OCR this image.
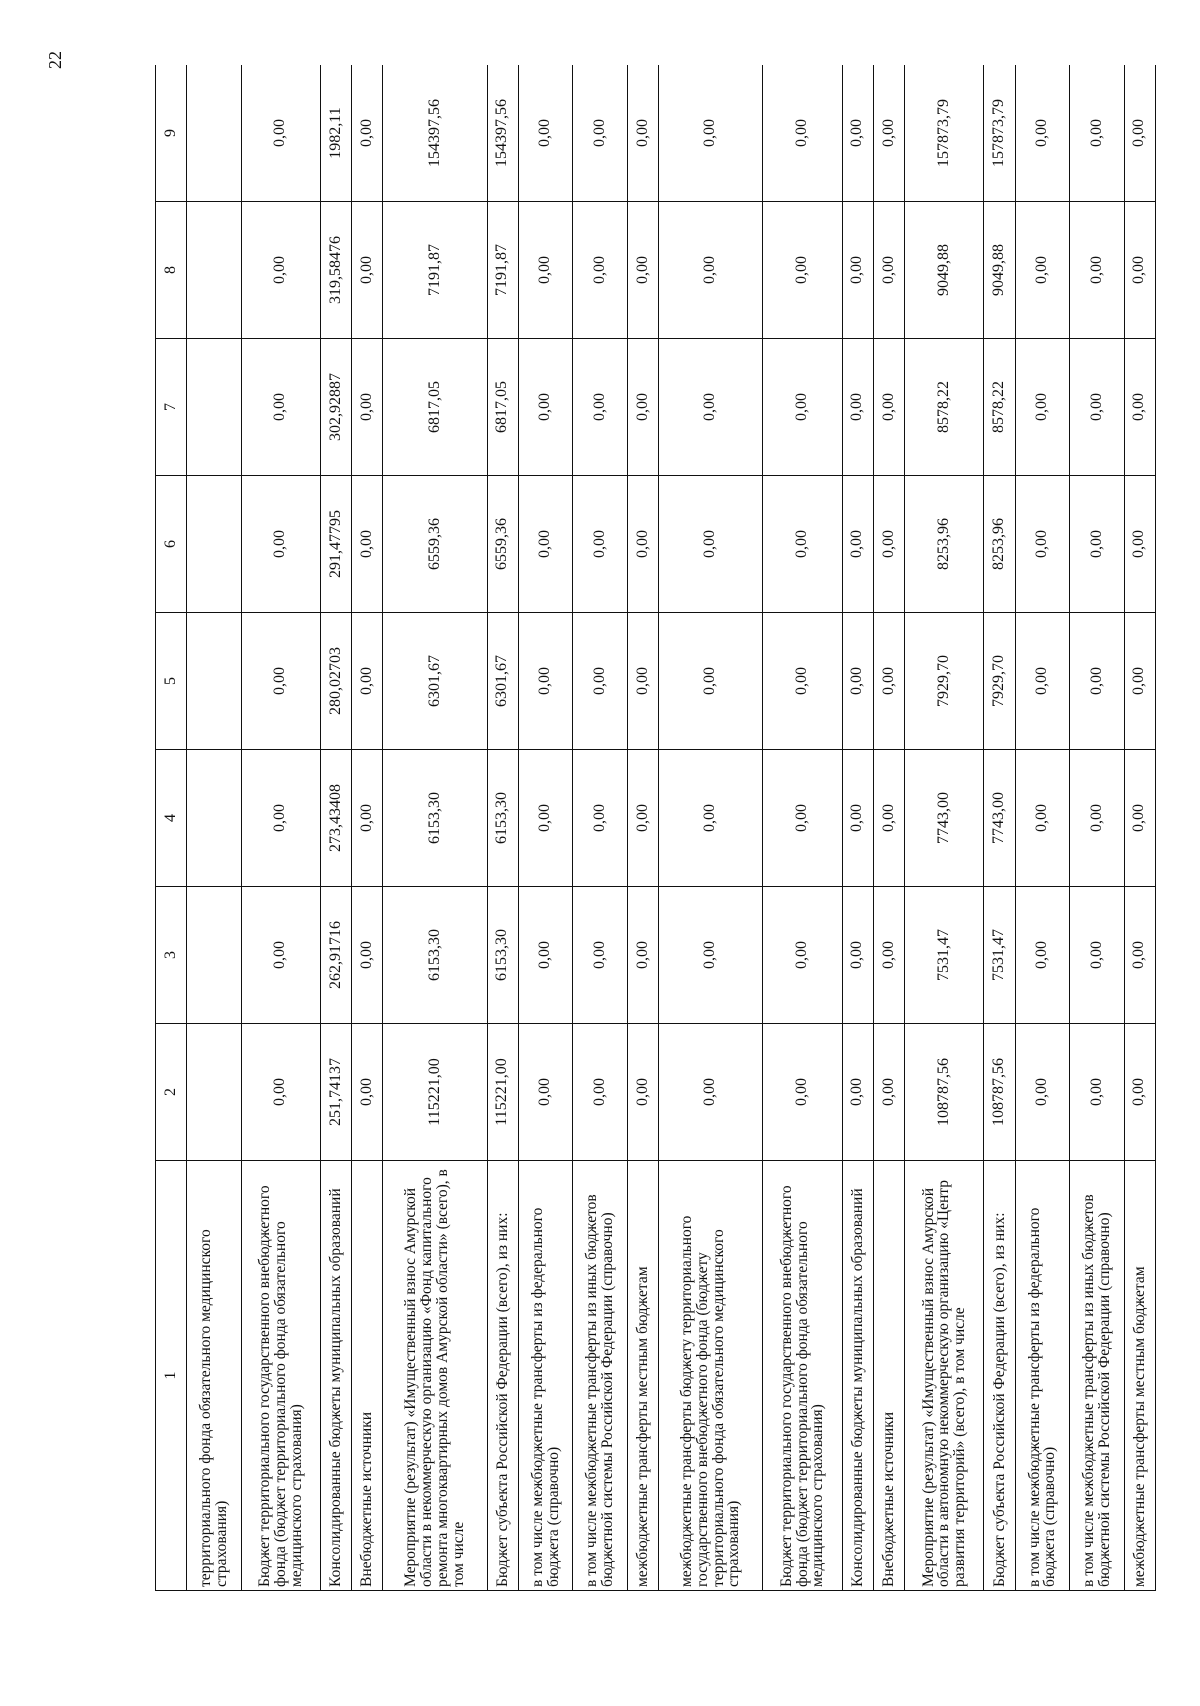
22
1	2	3	4	5	6	7	8	9
территориального фонда обязательного медицинского страхования)								
Бюджет территориального государственного внебюджетного фонда (бюджет территориального фонда обязательного медицинского страхования)	0,00	0,00	0,00	0,00	0,00	0,00	0,00	0,00
Консолидированные бюджеты муниципальных образований	251,74137	262,91716	273,43408	280,02703	291,47795	302,92887	319,58476	1982,11
Внебюджетные источники	0,00	0,00	0,00	0,00	0,00	0,00	0,00	0,00
Мероприятие (результат) «Имущественный взнос Амурской области в некоммерческую организацию «Фонд капитального ремонта многоквартирных домов Амурской области» (всего), в том числе	115221,00	6153,30	6153,30	6301,67	6559,36	6817,05	7191,87	154397,56
Бюджет субъекта Российской Федерации (всего), из них:	115221,00	6153,30	6153,30	6301,67	6559,36	6817,05	7191,87	154397,56
в том числе межбюджетные трансферты из федерального бюджета (справочно)	0,00	0,00	0,00	0,00	0,00	0,00	0,00	0,00
в том числе межбюджетные трансферты из иных бюджетов бюджетной системы Российской Федерации (справочно)	0,00	0,00	0,00	0,00	0,00	0,00	0,00	0,00
межбюджетные трансферты местным бюджетам	0,00	0,00	0,00	0,00	0,00	0,00	0,00	0,00
межбюджетные трансферты бюджету территориального государственного внебюджетного фонда (бюджету территориального фонда обязательного медицинского страхования)	0,00	0,00	0,00	0,00	0,00	0,00	0,00	0,00
Бюджет территориального государственного внебюджетного фонда (бюджет территориального фонда обязательного медицинского страхования)	0,00	0,00	0,00	0,00	0,00	0,00	0,00	0,00
Консолидированные бюджеты муниципальных образований	0,00	0,00	0,00	0,00	0,00	0,00	0,00	0,00
Внебюджетные источники	0,00	0,00	0,00	0,00	0,00	0,00	0,00	0,00
Мероприятие (результат) «Имущественный взнос Амурской области в автономную некоммерческую организацию «Центр развития территорий» (всего), в том числе	108787,56	7531,47	7743,00	7929,70	8253,96	8578,22	9049,88	157873,79
Бюджет субъекта Российской Федерации (всего), из них:	108787,56	7531,47	7743,00	7929,70	8253,96	8578,22	9049,88	157873,79
в том числе межбюджетные трансферты из федерального бюджета (справочно)	0,00	0,00	0,00	0,00	0,00	0,00	0,00	0,00
в том числе межбюджетные трансферты из иных бюджетов бюджетной системы Российской Федерации (справочно)	0,00	0,00	0,00	0,00	0,00	0,00	0,00	0,00
межбюджетные трансферты местным бюджетам	0,00	0,00	0,00	0,00	0,00	0,00	0,00	0,00
